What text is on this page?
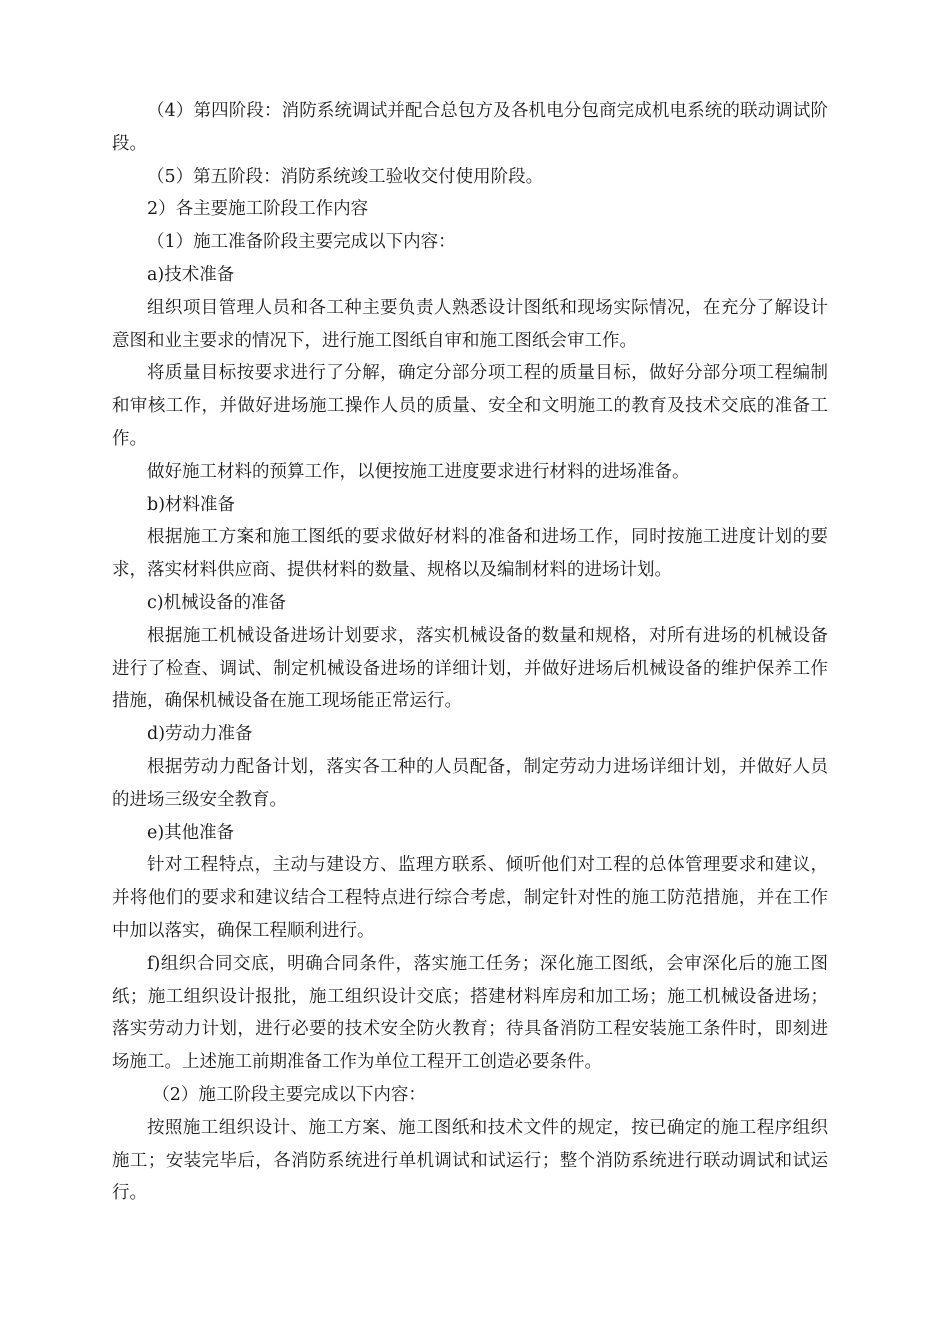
（4）第四阶段：消防系统调试并配合总包方及各机电分包商完成机电系统的联动调试阶段。

（5）第五阶段：消防系统竣工验收交付使用阶段。

2）各主要施工阶段工作内容

（1）施工准备阶段主要完成以下内容：

a)技术准备

组织项目管理人员和各工种主要负责人熟悉设计图纸和现场实际情况，在充分了解设计意图和业主要求的情况下，进行施工图纸自审和施工图纸会审工作。

将质量目标按要求进行了分解，确定分部分项工程的质量目标，做好分部分项工程编制和审核工作，并做好进场施工操作人员的质量、安全和文明施工的教育及技术交底的准备工作。

做好施工材料的预算工作，以便按施工进度要求进行材料的进场准备。

b)材料准备

根据施工方案和施工图纸的要求做好材料的准备和进场工作，同时按施工进度计划的要求，落实材料供应商、提供材料的数量、规格以及编制材料的进场计划。

c)机械设备的准备

根据施工机械设备进场计划要求，落实机械设备的数量和规格，对所有进场的机械设备进行了检查、调试、制定机械设备进场的详细计划，并做好进场后机械设备的维护保养工作措施，确保机械设备在施工现场能正常运行。

d)劳动力准备

根据劳动力配备计划，落实各工种的人员配备，制定劳动力进场详细计划，并做好人员的进场三级安全教育。

e)其他准备

针对工程特点，主动与建设方、监理方联系、倾听他们对工程的总体管理要求和建议，并将他们的要求和建议结合工程特点进行综合考虑，制定针对性的施工防范措施，并在工作中加以落实，确保工程顺利进行。

f)组织合同交底，明确合同条件，落实施工任务；深化施工图纸，会审深化后的施工图纸；施工组织设计报批，施工组织设计交底；搭建材料库房和加工场；施工机械设备进场；落实劳动力计划，进行必要的技术安全防火教育；待具备消防工程安装施工条件时，即刻进场施工。上述施工前期准备工作为单位工程开工创造必要条件。

（2）施工阶段主要完成以下内容：

按照施工组织设计、施工方案、施工图纸和技术文件的规定，按已确定的施工程序组织施工；安装完毕后，各消防系统进行单机调试和试运行；整个消防系统进行联动调试和试运行。
